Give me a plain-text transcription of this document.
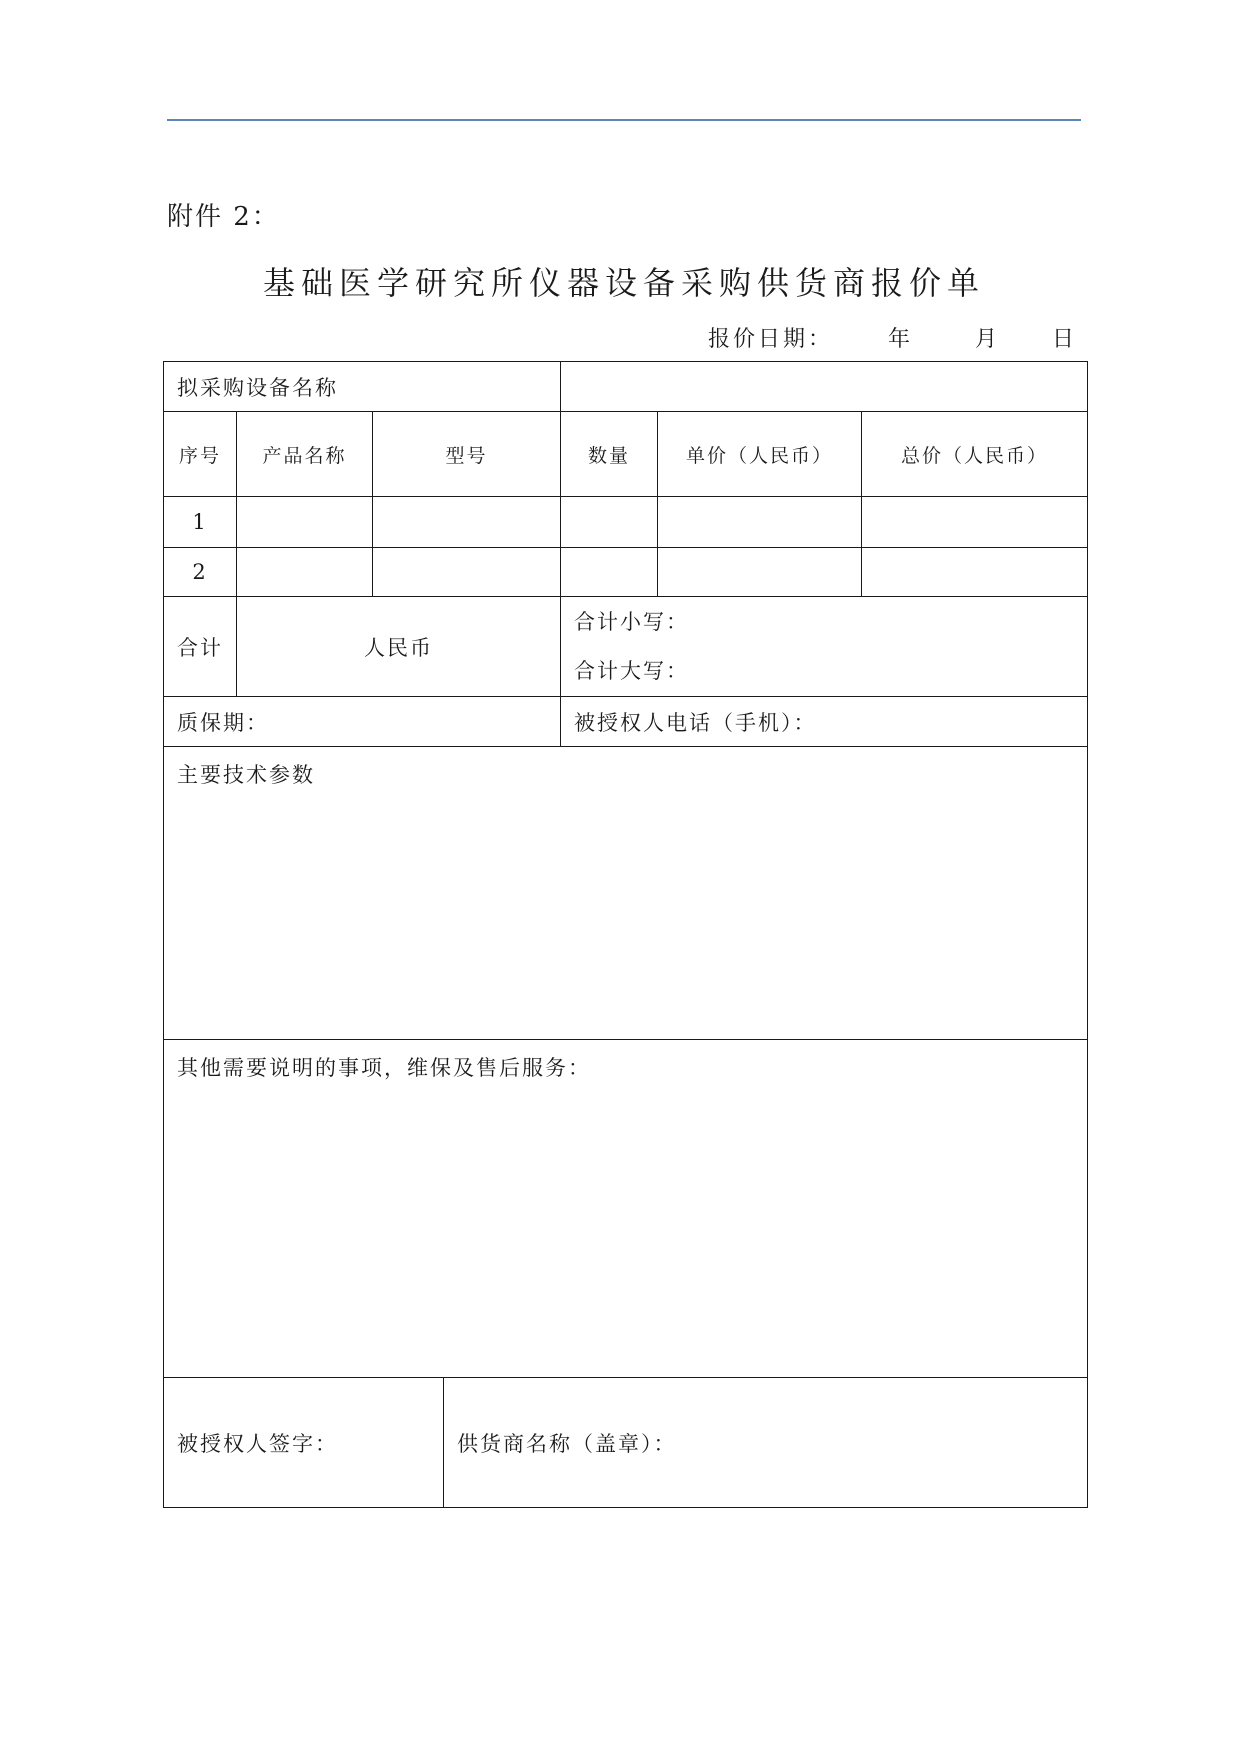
附件 2：
基础医学研究所仪器设备采购供货商报价单
报价日期： 年	月 日
拟采购设备名称						
序号	产品名称	型号		数量	单价（人民币）	总价（人民币）
1						
2						
合计	人民币			合计小写：
合计大写：		

质保期：				被授权人电话（手机）：		
主要技术参数						
其他需要说明的事项，维保及售后服务：						
被授权人签字：			供货商名称（盖章）：			
